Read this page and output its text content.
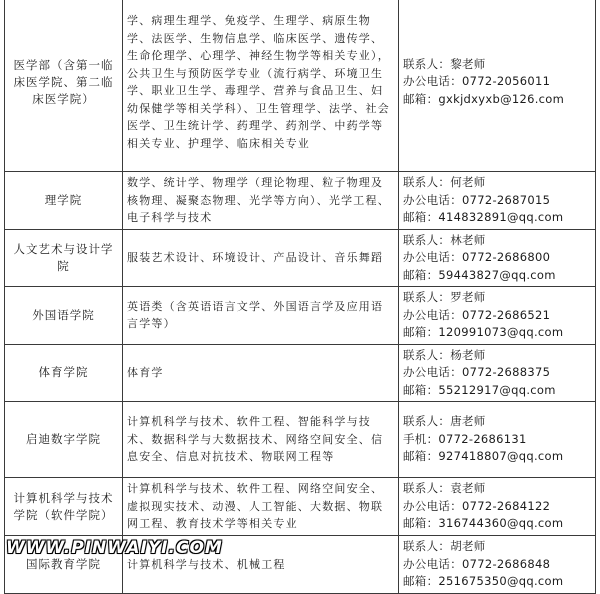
医学部（含第一临床医学院、第二临床医学院）	学、病理生理学、免疫学、生理学、病原生物学、法医学、生物信息学、临床医学、遗传学、生命伦理学、心理学、神经生物学等相关专业），公共卫生与预防医学专业（流行病学、环境卫生学、职业卫生学、毒理学、营养与食品卫生、妇幼保健学等相关学科）、卫生管理学、法学、社会医学、卫生统计学、药理学、药剂学、中药学等相关专业、护理学、临床相关专业	联系人：黎老师
办公电话：0772-2056011
邮箱：gxkjdxyxb@126.com

理学院	数学、统计学、物理学（理论物理、粒子物理及核物理、凝聚态物理、光学等方向）、光学工程、电子科学与技术	联系人：何老师
办公电话：0772-2687015
邮箱：414832891@qq.com

人文艺术与设计学院	服装艺术设计、环境设计、产品设计、音乐舞蹈	联系人：林老师
办公电话：0772-2686800
邮箱：59443827@qq.com

外国语学院	英语类（含英语语言文学、外国语言学及应用语言学等）	联系人：罗老师
办公电话：0772-2686521
邮箱：120991073@qq.com

体育学院	体育学	联系人：杨老师
办公电话：0772-2688375
邮箱：55212917@qq.com

启迪数字学院	计算机科学与技术、软件工程、智能科学与技术、数据科学与大数据技术、网络空间安全、信息安全、信息对抗技术、物联网工程等	联系人：唐老师
手机：0772-2686131
邮箱：927418807@qq.com

计算机科学与技术学院（软件学院）	计算机科学与技术、软件工程、网络空间安全、虚拟现实技术、动漫、人工智能、大数据、物联网工程、教育技术学等相关专业	联系人：袁老师
办公电话：0772-2684122
邮箱：316744360@qq.com

国际教育学院	计算机科学与技术、机械工程	联系人：胡老师
办公电话：0772-2686848
邮箱：251675350@qq.com
WWW.PINWAIYI.COM
